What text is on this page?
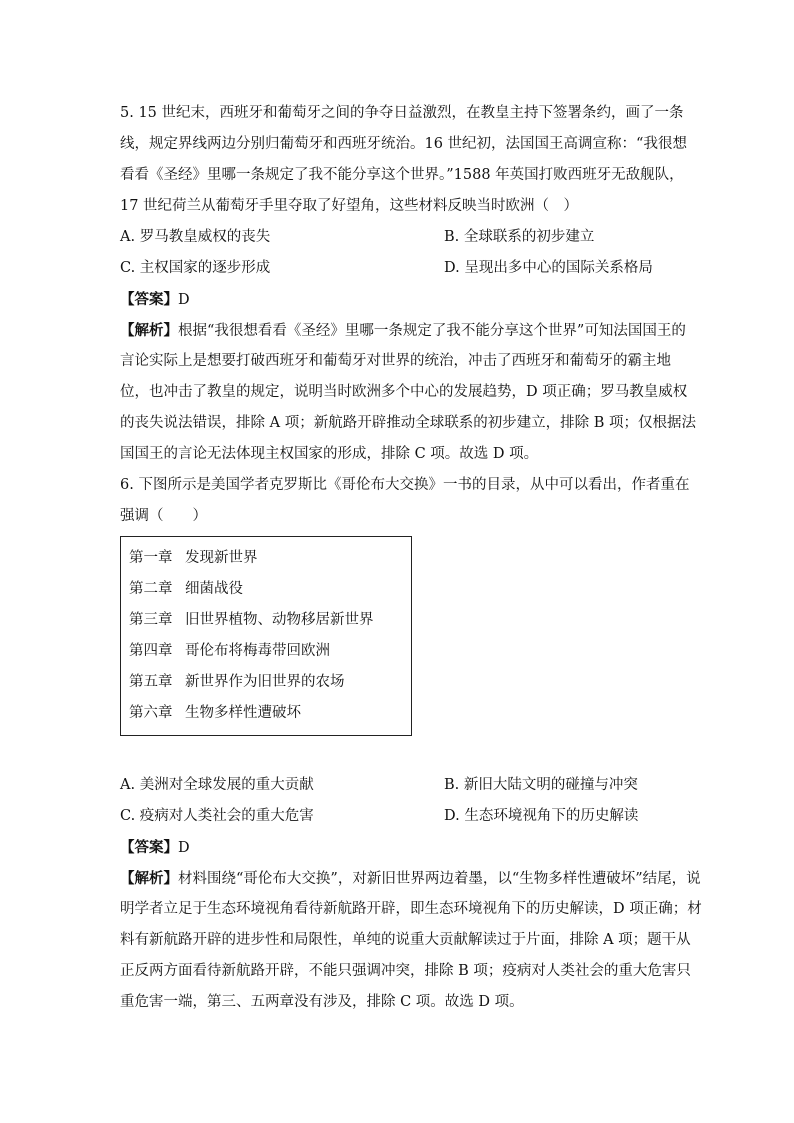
5. 15 世纪末，西班牙和葡萄牙之间的争夺日益激烈，在教皇主持下签署条约，画了一条
线，规定界线两边分别归葡萄牙和西班牙统治。16 世纪初，法国国王高调宣称：“我很想
看看《圣经》里哪一条规定了我不能分享这个世界。”1588 年英国打败西班牙无敌舰队，
17 世纪荷兰从葡萄牙手里夺取了好望角，这些材料反映当时欧洲（　）
A. 罗马教皇威权的丧失	B. 全球联系的初步建立
C. 主权国家的逐步形成	D. 呈现出多中心的国际关系格局
【答案】D
【解析】根据“我很想看看《圣经》里哪一条规定了我不能分享这个世界”可知法国国王的
言论实际上是想要打破西班牙和葡萄牙对世界的统治，冲击了西班牙和葡萄牙的霸主地
位，也冲击了教皇的规定，说明当时欧洲多个中心的发展趋势，D 项正确；罗马教皇威权
的丧失说法错误，排除 A 项；新航路开辟推动全球联系的初步建立，排除 B 项；仅根据法
国国王的言论无法体现主权国家的形成，排除 C 项。故选 D 项。
6. 下图所示是美国学者克罗斯比《哥伦布大交换》一书的目录，从中可以看出，作者重在
强调（　　）
第一章 发现新世界
第二章 细菌战役
第三章 旧世界植物、动物移居新世界
第四章 哥伦布将梅毒带回欧洲
第五章 新世界作为旧世界的农场
第六章 生物多样性遭破坏
A. 美洲对全球发展的重大贡献	B. 新旧大陆文明的碰撞与冲突
C. 疫病对人类社会的重大危害	D. 生态环境视角下的历史解读
【答案】D
【解析】材料围绕“哥伦布大交换”，对新旧世界两边着墨，以“生物多样性遭破坏”结尾，说
明学者立足于生态环境视角看待新航路开辟，即生态环境视角下的历史解读，D 项正确；材
料有新航路开辟的进步性和局限性，单纯的说重大贡献解读过于片面，排除 A 项；题干从
正反两方面看待新航路开辟，不能只强调冲突，排除 B 项；疫病对人类社会的重大危害只
重危害一端，第三、五两章没有涉及，排除 C 项。故选 D 项。
